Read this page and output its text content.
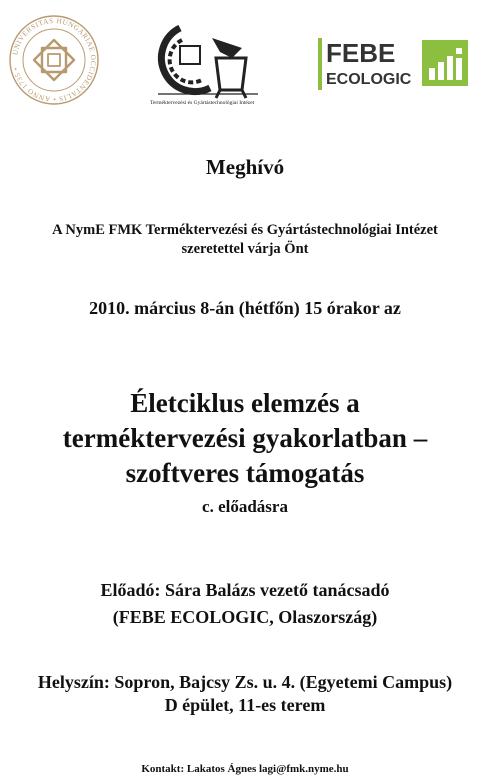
UNIVERSITAS HUNGARIAE OCCIDENTALIS • ANNO 1735 •
Terméktervezési és Gyártástechnológiai Intézet
FEBE
ECOLOGIC
Meghívó
A NymE FMK Terméktervezési és Gyártástechnológiai Intézet
szeretettel várja Önt
2010. március 8-án (hétfőn) 15 órakor az
Életciklus elemzés a
terméktervezési gyakorlatban –
szoftveres támogatás
c. előadásra
Előadó: Sára Balázs vezető tanácsadó
(FEBE ECOLOGIC, Olaszország)
Helyszín: Sopron, Bajcsy Zs. u. 4. (Egyetemi Campus)
D épület, 11-es terem
Kontakt: Lakatos Ágnes lagi@fmk.nyme.hu
